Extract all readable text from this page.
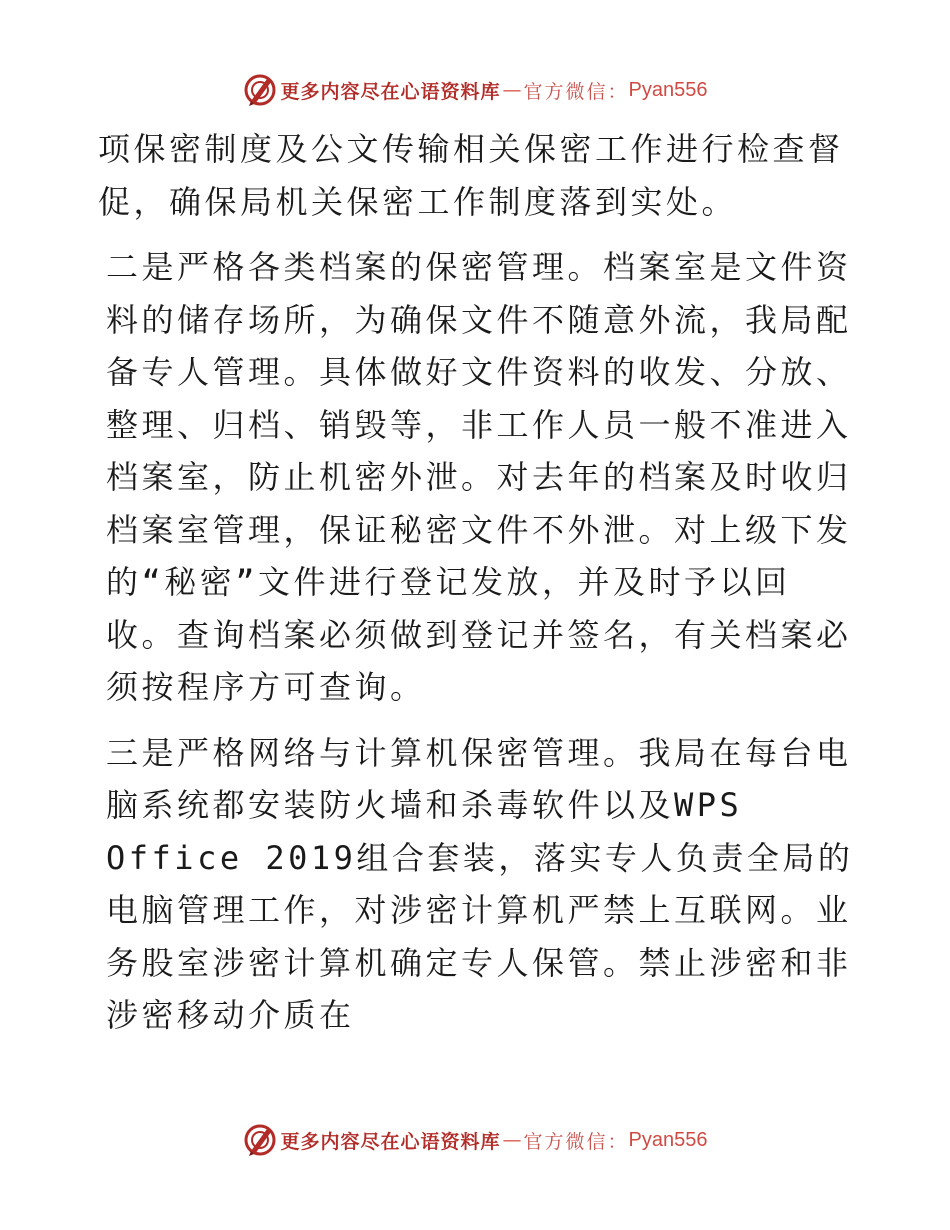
更多内容尽在心语资料库 — 官方微信： Pyan556

项保密制度及公文传输相关保密工作进行检查督促，确保局机关保密工作制度落到实处。

二是严格各类档案的保密管理。档案室是文件资料的储存场所，为确保文件不随意外流，我局配备专人管理。具体做好文件资料的收发、分放、整理、归档、销毁等，非工作人员一般不准进入档案室，防止机密外泄。对去年的档案及时收归档案室管理，保证秘密文件不外泄。对上级下发的“秘密”文件进行登记发放，并及时予以回收。查询档案必须做到登记并签名，有关档案必须按程序方可查询。

三是严格网络与计算机保密管理。我局在每台电脑系统都安装防火墙和杀毒软件以及WPS Office 2019组合套装，落实专人负责全局的电脑管理工作，对涉密计算机严禁上互联网。业务股室涉密计算机确定专人保管。禁止涉密和非涉密移动介质在

更多内容尽在心语资料库 — 官方微信： Pyan556
